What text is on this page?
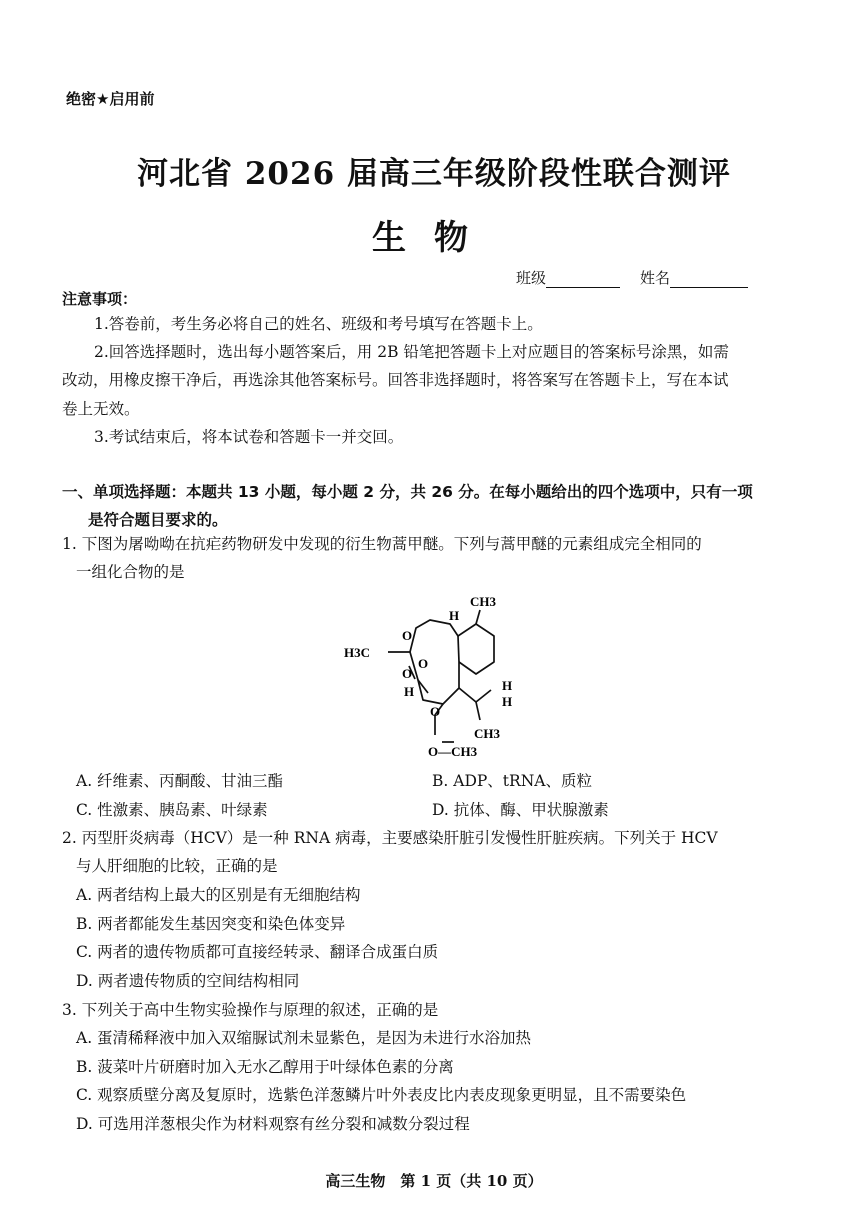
绝密★启用前
河北省 2026 届高三年级阶段性联合测评
生物
班级	姓名
注意事项：
1.答卷前，考生务必将自己的姓名、班级和考号填写在答题卡上。
2.回答选择题时，选出每小题答案后，用 2B 铅笔把答题卡上对应题目的答案标号涂黑，如需
改动，用橡皮擦干净后，再选涂其他答案标号。回答非选择题时，将答案写在答题卡上，写在本试
卷上无效。
3.考试结束后，将本试卷和答题卡一并交回。
一、单项选择题：本题共 13 小题，每小题 2 分，共 26 分。在每小题给出的四个选项中，只有一项
是符合题目要求的。
1. 下图为屠呦呦在抗疟药物研发中发现的衍生物蒿甲醚。下列与蒿甲醚的元素组成完全相同的
一组化合物的是
CH3
H3C
H
O
O
O
H
O
H
H
CH3
O—CH3
A. 纤维素、丙酮酸、甘油三酯	B. ADP、tRNA、质粒
C. 性激素、胰岛素、叶绿素	D. 抗体、酶、甲状腺激素
2. 丙型肝炎病毒（HCV）是一种 RNA 病毒，主要感染肝脏引发慢性肝脏疾病。下列关于 HCV
与人肝细胞的比较，正确的是
A. 两者结构上最大的区别是有无细胞结构
B. 两者都能发生基因突变和染色体变异
C. 两者的遗传物质都可直接经转录、翻译合成蛋白质
D. 两者遗传物质的空间结构相同
3. 下列关于高中生物实验操作与原理的叙述，正确的是
A. 蛋清稀释液中加入双缩脲试剂未显紫色，是因为未进行水浴加热
B. 菠菜叶片研磨时加入无水乙醇用于叶绿体色素的分离
C. 观察质壁分离及复原时，选紫色洋葱鳞片叶外表皮比内表皮现象更明显，且不需要染色
D. 可选用洋葱根尖作为材料观察有丝分裂和减数分裂过程
高三生物　第 1 页（共 10 页）
